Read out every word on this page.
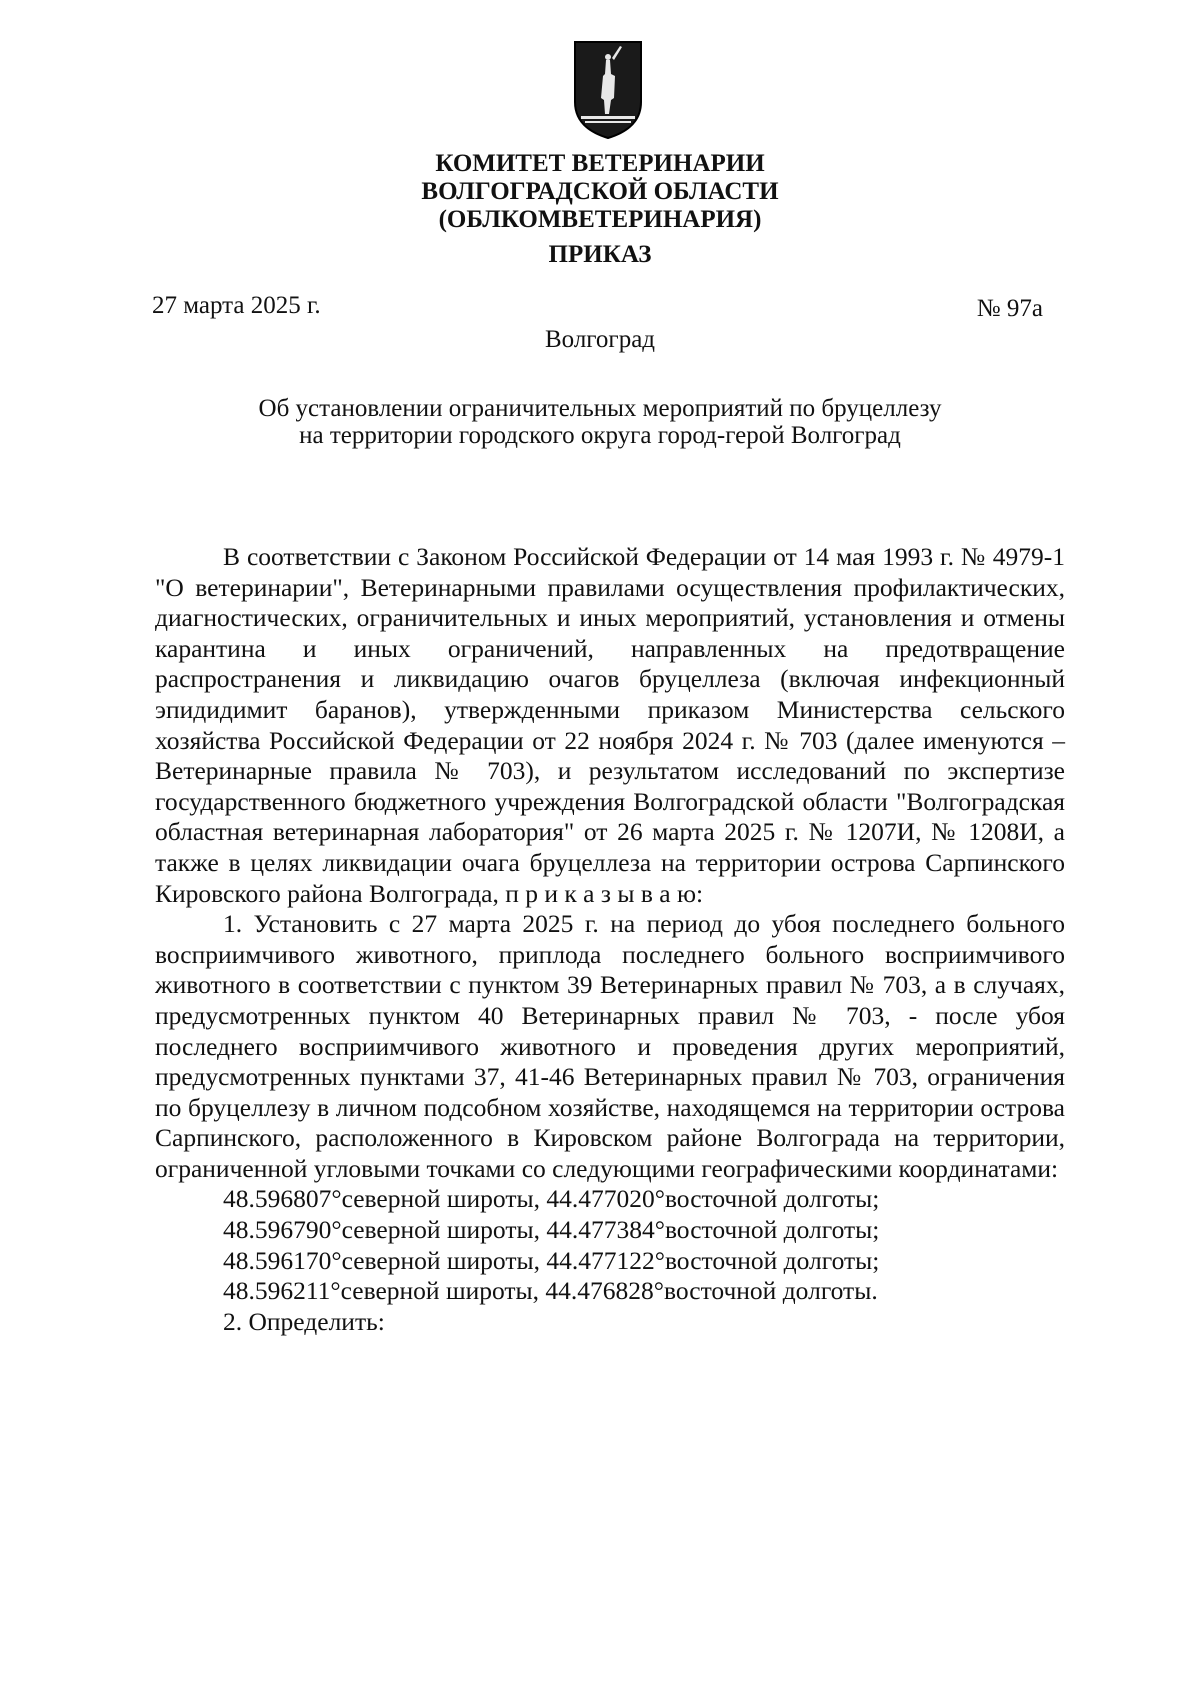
КОМИТЕТ ВЕТЕРИНАРИИ
ВОЛГОГРАДСКОЙ ОБЛАСТИ
(ОБЛКОМВЕТЕРИНАРИЯ)
ПРИКАЗ
27 марта 2025 г.	№ 97а
Волгоград
Об установлении ограничительных мероприятий по бруцеллезу
на территории городского округа город-герой Волгоград

В соответствии с Законом Российской Федерации от 14 мая 1993 г. № 4979-1 "О ветеринарии", Ветеринарными правилами осуществления профилактических, диагностических, ограничительных и иных мероприятий, установления и отмены карантина и иных ограничений, направленных на предотвращение распространения и ликвидацию очагов бруцеллеза (включая инфекционный эпидидимит баранов), утвержденными приказом Министерства сельского хозяйства Российской Федерации от 22 ноября 2024 г. № 703 (далее именуются – Ветеринарные правила № 703), и результатом исследований по экспертизе государственного бюджетного учреждения Волгоградской области "Волгоградская областная ветеринарная лаборатория" от 26 марта 2025 г. № 1207И, № 1208И, а также в целях ликвидации очага бруцеллеза на территории острова Сарпинского Кировского района Волгограда, п р и к а з ы в а ю:

1. Установить с 27 марта 2025 г. на период до убоя последнего больного восприимчивого животного, приплода последнего больного восприимчивого животного в соответствии с пунктом 39 Ветеринарных правил № 703, а в случаях, предусмотренных пунктом 40 Ветеринарных правил № 703, - после убоя последнего восприимчивого животного и проведения других мероприятий, предусмотренных пунктами 37, 41-46 Ветеринарных правил № 703, ограничения по бруцеллезу в личном подсобном хозяйстве, находящемся на территории острова Сарпинского, расположенного в Кировском районе Волгограда на территории, ограниченной угловыми точками со следующими географическими координатами:

48.596807°северной широты, 44.477020°восточной долготы;

48.596790°северной широты, 44.477384°восточной долготы;

48.596170°северной широты, 44.477122°восточной долготы;

48.596211°северной широты, 44.476828°восточной долготы.

2. Определить:
